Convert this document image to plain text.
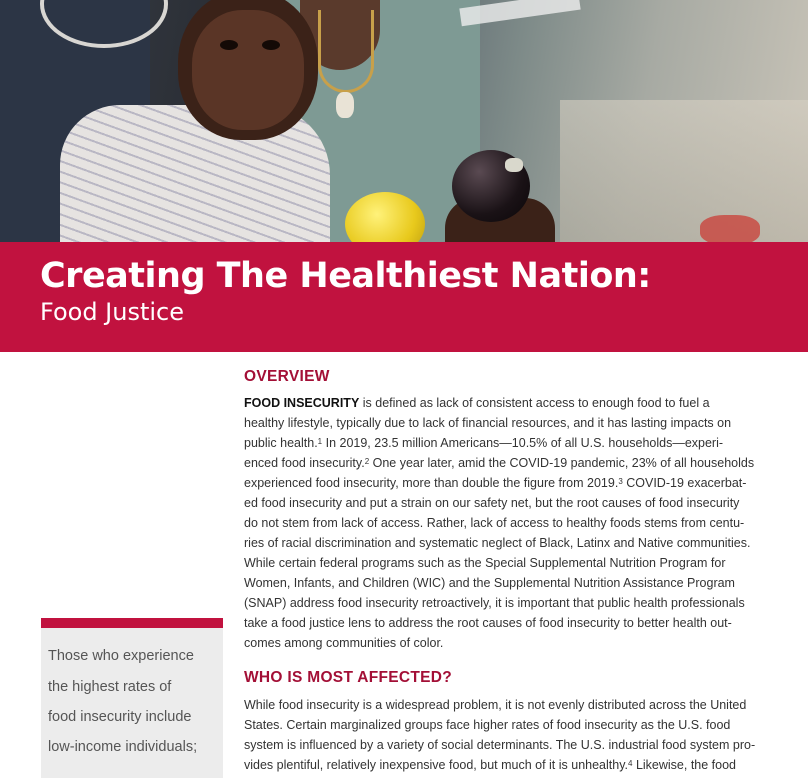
Creating The Healthiest Nation:
Food Justice
OVERVIEW
FOOD INSECURITY is defined as lack of consistent access to enough food to fuel a
healthy lifestyle, typically due to lack of financial resources, and it has lasting impacts on
public health.$^1$ In 2019, 23.5 million Americans—10.5% of all U.S. households—experi-
enced food insecurity.$^2$ One year later, amid the COVID-19 pandemic, 23% of all households
experienced food insecurity, more than double the figure from 2019.$^3$ COVID-19 exacerbat-
ed food insecurity and put a strain on our safety net, but the root causes of food insecurity
do not stem from lack of access. Rather, lack of access to healthy foods stems from centu-
ries of racial discrimination and systematic neglect of Black, Latinx and Native communities.
While certain federal programs such as the Special Supplemental Nutrition Program for
Women, Infants, and Children (WIC) and the Supplemental Nutrition Assistance Program
(SNAP) address food insecurity retroactively, it is important that public health professionals
take a food justice lens to address the root causes of food insecurity to better health out-
comes among communities of color.
WHO IS MOST AFFECTED?
While food insecurity is a widespread problem, it is not evenly distributed across the United
States. Certain marginalized groups face higher rates of food insecurity as the U.S. food
system is influenced by a variety of social determinants. The U.S. industrial food system pro-
vides plentiful, relatively inexpensive food, but much of it is unhealthy.$^4$ Likewise, the food
Those who experience
the highest rates of
food insecurity include
low-income individuals;
